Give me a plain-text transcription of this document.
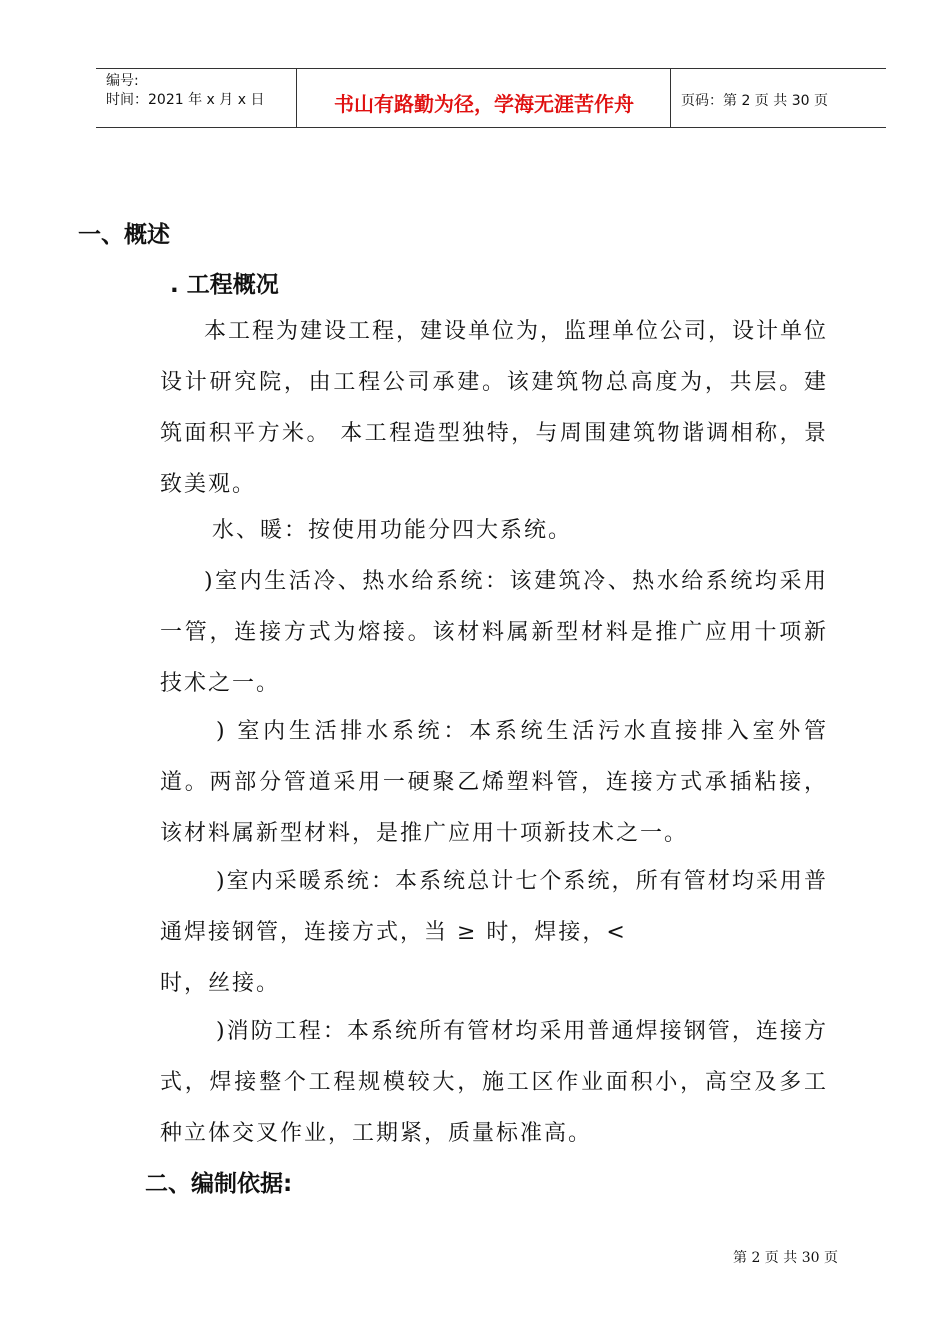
编号:
时间：2021 年 x 月 x 日	书山有路勤为径，学海无涯苦作舟	页码：第 2 页 共 30 页
一、概述
. 工程概况

本工程为建设工程，建设单位为，监理单位公司，设计单位设计研究院，由工程公司承建。该建筑物总高度为，共层。建筑面积平方米。 本工程造型独特，与周围建筑物谐调相称，景致美观。

水、暖：按使用功能分四大系统。

)室内生活冷、热水给系统：该建筑冷、热水给系统均采用一管，连接方式为熔接。该材料属新型材料是推广应用十项新技术之一。

) 室内生活排水系统：本系统生活污水直接排入室外管道。两部分管道采用一硬聚乙烯塑料管，连接方式承插粘接，该材料属新型材料，是推广应用十项新技术之一。

)室内采暖系统：本系统总计七个系统，所有管材均采用普通焊接钢管，连接方式，当 ≥ 时，焊接，<
时，丝接。

)消防工程：本系统所有管材均采用普通焊接钢管，连接方式，焊接整个工程规模较大，施工区作业面积小，高空及多工种立体交叉作业，工期紧，质量标准高。

二、编制依据:
第 2 页 共 30 页
